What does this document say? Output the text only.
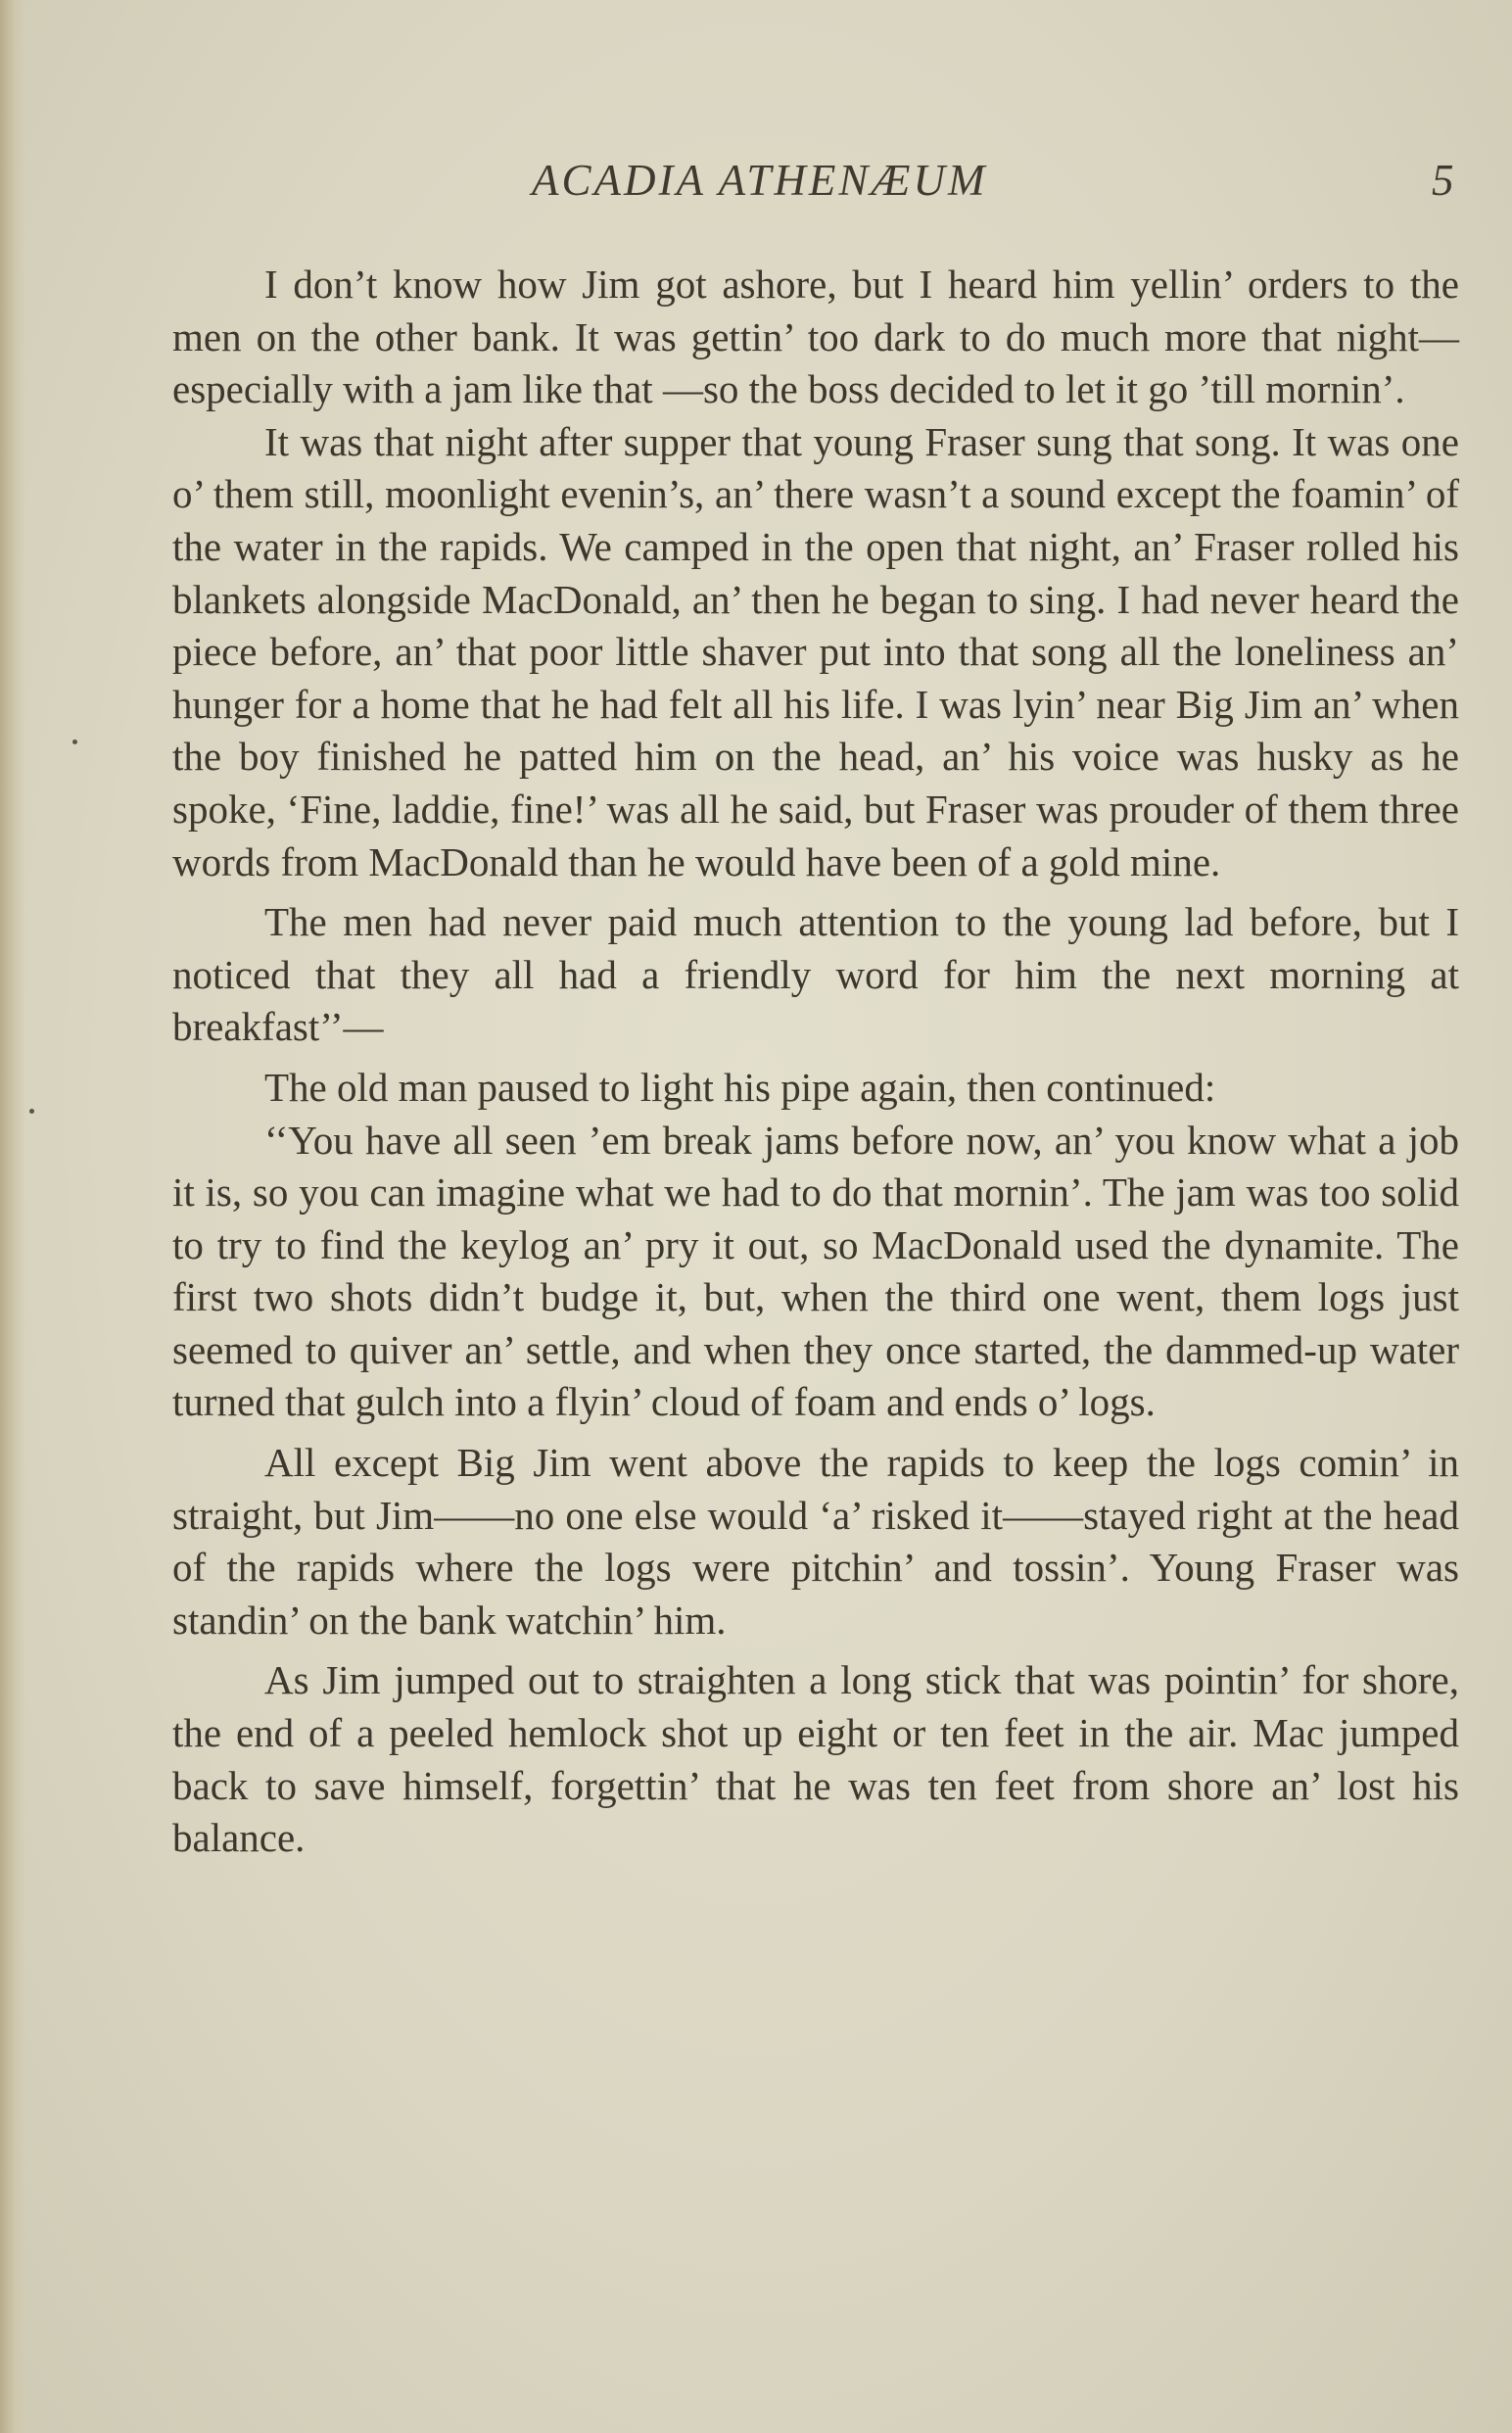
ACADIA ATHENÆUM	5

I don’t know how Jim got ashore, but I heard him yellin’ orders to the men on the other bank. It was gettin’ too dark to do much more that night—especially with a jam like that —so the boss decided to let it go ’till mornin’.

It was that night after supper that young Fraser sung that song. It was one o’ them still, moonlight evenin’s, an’ there wasn’t a sound except the foamin’ of the water in the rapids. We camped in the open that night, an’ Fraser rolled his blankets alongside MacDonald, an’ then he began to sing. I had never heard the piece before, an’ that poor little shaver put into that song all the loneliness an’ hunger for a home that he had felt all his life. I was lyin’ near Big Jim an’ when the boy finished he patted him on the head, an’ his voice was husky as he spoke, ‘Fine, laddie, fine!’ was all he said, but Fraser was prouder of them three words from MacDonald than he would have been of a gold mine.

The men had never paid much attention to the young lad before, but I noticed that they all had a friendly word for him the next morning at breakfast’’—

The old man paused to light his pipe again, then continued:

‘‘You have all seen ’em break jams before now, an’ you know what a job it is, so you can imagine what we had to do that mornin’. The jam was too solid to try to find the keylog an’ pry it out, so MacDonald used the dynamite. The first two shots didn’t budge it, but, when the third one went, them logs just seemed to quiver an’ settle, and when they once started, the dammed-up water turned that gulch into a flyin’ cloud of foam and ends o’ logs.

All except Big Jim went above the rapids to keep the logs comin’ in straight, but Jim——no one else would ‘a’ risked it——stayed right at the head of the rapids where the logs were pitchin’ and tossin’. Young Fraser was standin’ on the bank watchin’ him.

As Jim jumped out to straighten a long stick that was pointin’ for shore, the end of a peeled hemlock shot up eight or ten feet in the air. Mac jumped back to save himself, forgettin’ that he was ten feet from shore an’ lost his balance.
